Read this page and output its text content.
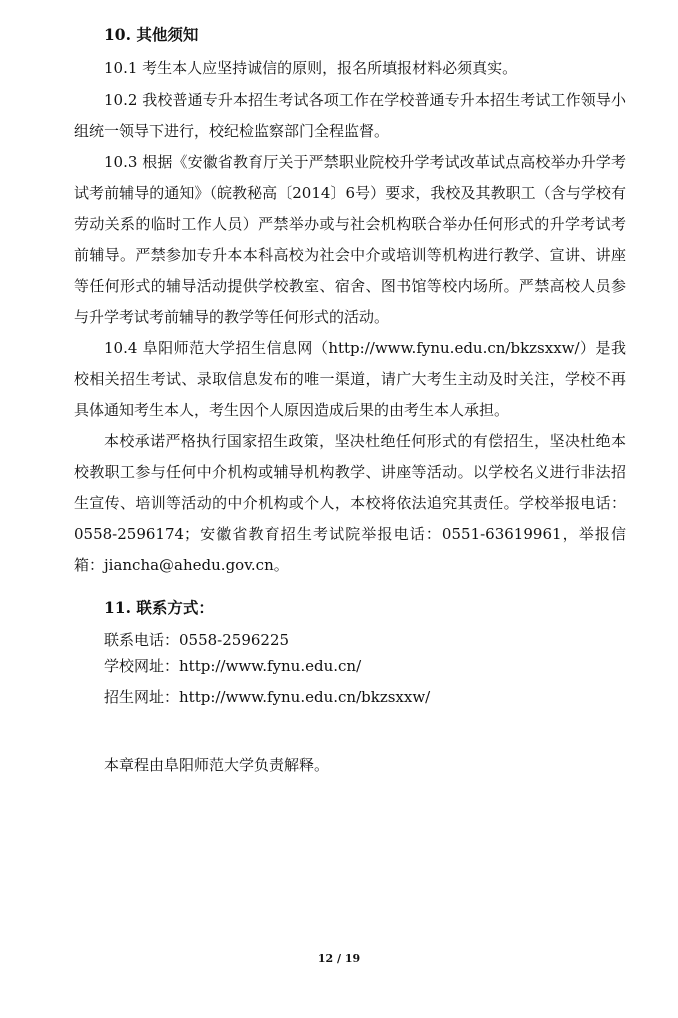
10. 其他须知

10.1 考生本人应坚持诚信的原则，报名所填报材料必须真实。

10.2 我校普通专升本招生考试各项工作在学校普通专升本招生考试工作领导小组统一领导下进行，校纪检监察部门全程监督。

10.3 根据《安徽省教育厅关于严禁职业院校升学考试改革试点高校举办升学考试考前辅导的通知》（皖教秘高〔2014〕6号）要求，我校及其教职工（含与学校有劳动关系的临时工作人员）严禁举办或与社会机构联合举办任何形式的升学考试考前辅导。严禁参加专升本本科高校为社会中介或培训等机构进行教学、宣讲、讲座等任何形式的辅导活动提供学校教室、宿舍、图书馆等校内场所。严禁高校人员参与升学考试考前辅导的教学等任何形式的活动。

10.4 阜阳师范大学招生信息网（http://www.fynu.edu.cn/bkzsxxw/）是我校相关招生考试、录取信息发布的唯一渠道，请广大考生主动及时关注，学校不再具体通知考生本人，考生因个人原因造成后果的由考生本人承担。

本校承诺严格执行国家招生政策，坚决杜绝任何形式的有偿招生，坚决杜绝本校教职工参与任何中介机构或辅导机构教学、讲座等活动。以学校名义进行非法招生宣传、培训等活动的中介机构或个人，本校将依法追究其责任。学校举报电话：0558-2596174；安徽省教育招生考试院举报电话：0551-63619961，举报信箱：jiancha@ahedu.gov.cn。

11. 联系方式：
联系电话：0558-2596225
学校网址：http://www.fynu.edu.cn/
招生网址：http://www.fynu.edu.cn/bkzsxxw/
本章程由阜阳师范大学负责解释。
12 / 19
